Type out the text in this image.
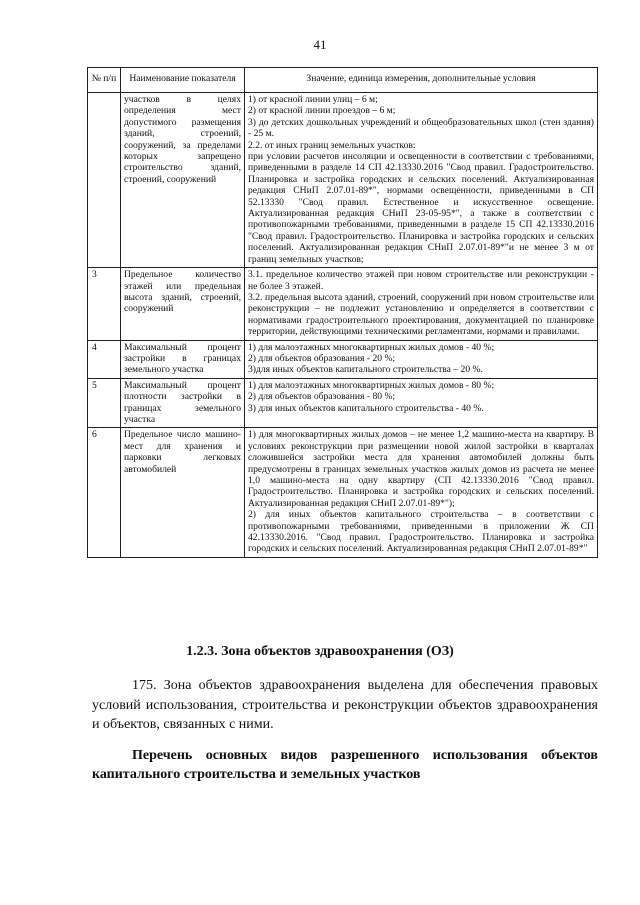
41
№ п/п	Наименование показателя	Значение, единица измерения, дополнительные условия
	участков в целях определения мест допустимого размещения зданий, строений, сооружений, за пределами которых запрещено строительство зданий, строений, сооружений	1) от красной линии улиц – 6 м;
2) от красной линии проездов – 6 м;
3) до детских дошкольных учреждений и общеобразовательных школ (стен здания) - 25 м.
2.2. от иных границ земельных участков:
при условии расчетов инсоляции и освещенности в соответствии с требованиями, приведенными в разделе 14 СП 42.13330.2016 "Свод правил. Градостроительство. Планировка и застройка городских и сельских поселений. Актуализированная редакция СНиП 2.07.01-89*", нормами освещенности, приведенными в СП 52.13330 "Свод правил. Естественное и искусственное освещение. Актуализированная редакция СНиП 23-05-95*", а также в соответствии с противопожарными требованиями, приведенными в разделе 15 СП 42.13330.2016 "Свод правил. Градостроительство. Планировка и застройка городских и сельских поселений. Актуализированная редакция СНиП 2.07.01-89*"и не менее 3 м от границ земельных участков;

3	Предельное количество этажей или предельная высота зданий, строений, сооружений	3.1. предельное количество этажей при новом строительстве или реконструкции - не более 3 этажей.
3.2. предельная высота зданий, строений, сооружений при новом строительстве или реконструкции – не подлежит установлению и определяется в соответствии с нормативами градостроительного проектирования, документацией по планировке территории, действующими техническими регламентами, нормами и правилами.

4	Максимальный процент застройки в границах земельного участка	1) для малоэтажных многоквартирных жилых домов - 40 %;
2) для объектов образования - 20 %;
3)для иных объектов капитального строительства – 20 %.

5	Максимальный процент плотности застройки в границах земельного участка	1) для малоэтажных многоквартирных жилых домов - 80 %;
2) для объектов образования - 80 %;
3) для иных объектов капитального строительства - 40 %.

6	Предельное число машино-мест для хранения и парковки легковых автомобилей	1) для многоквартирных жилых домов – не менее 1,2 машино-места на квартиру. В условиях реконструкции при размещении новой жилой застройки в кварталах сложившейся застройки места для хранения автомобилей должны быть предусмотрены в границах земельных участков жилых домов из расчета не менее 1,0 машино-места на одну квартиру (СП 42.13330.2016 "Свод правил. Градостроительство. Планировка и застройка городских и сельских поселений. Актуализированная редакция СНиП 2.07.01-89*");
2) для иных объектов капитального строительства – в соответствии с противопожарными требованиями, приведенными в приложении Ж СП 42.13330.2016. "Свод правил. Градостроительство. Планировка и застройка городских и сельских поселений. Актуализированная редакция СНиП 2.07.01-89*"
1.2.3. Зона объектов здравоохранения (ОЗ)
175. Зона объектов здравоохранения выделена для обеспечения правовых условий использования, строительства и реконструкции объектов здравоохранения и объектов, связанных с ними.
Перечень основных видов разрешенного использования объектов капитального строительства и земельных участков
